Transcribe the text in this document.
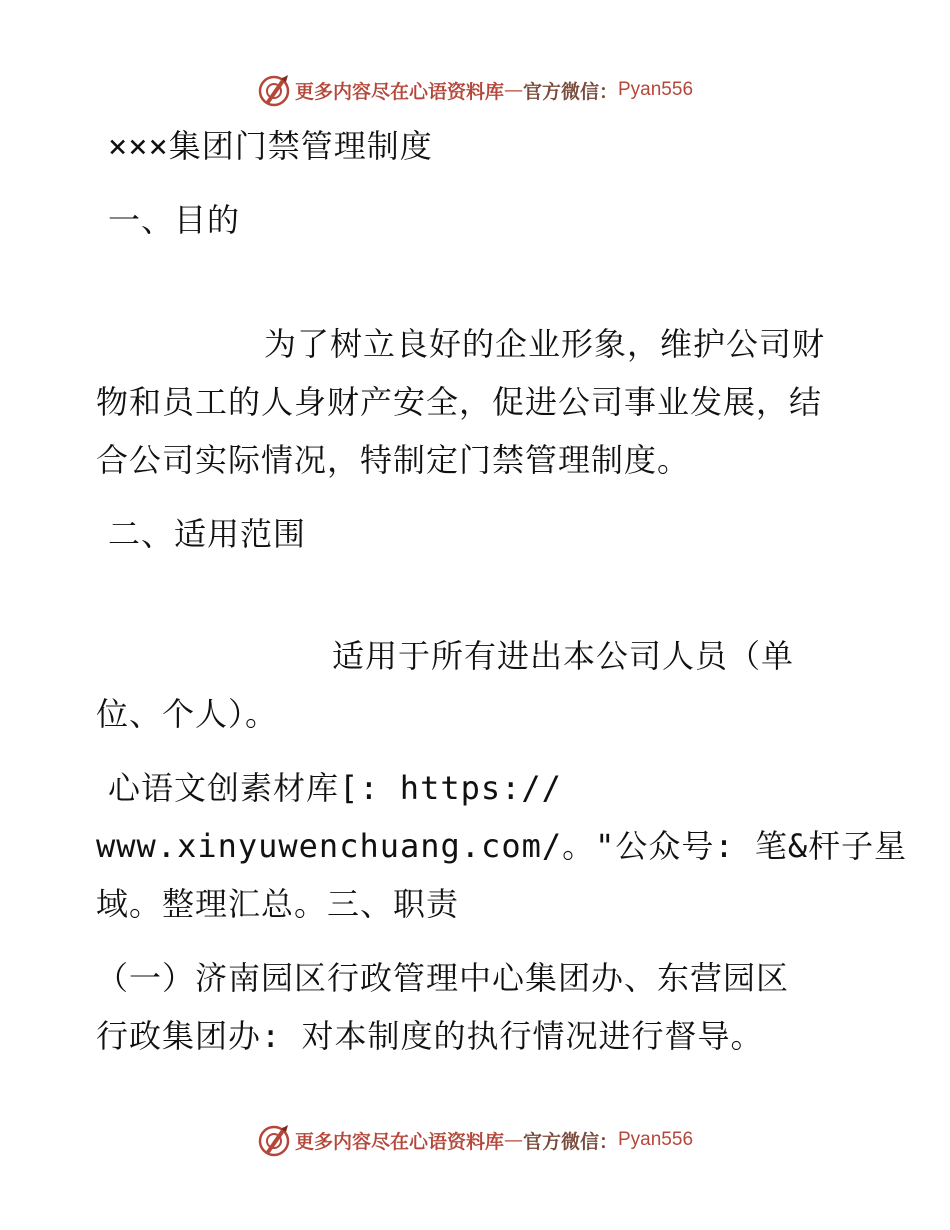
更多内容尽在心语资料库 — 官方微信： Pyan556
×××集团门禁管理制度
一、目的
为了树立良好的企业形象，维护公司财
物和员工的人身财产安全，促进公司事业发展，结
合公司实际情况，特制定门禁管理制度。
二、适用范围
适用于所有进出本公司人员（单
位、个人）。
心语文创素材库[: https://
www.xinyuwenchuang.com/。"公众号: 笔&杆子星
域。整理汇总。三、职责
（一）济南园区行政管理中心集团办、东营园区
行政集团办: 对本制度的执行情况进行督导。
更多内容尽在心语资料库 — 官方微信： Pyan556
